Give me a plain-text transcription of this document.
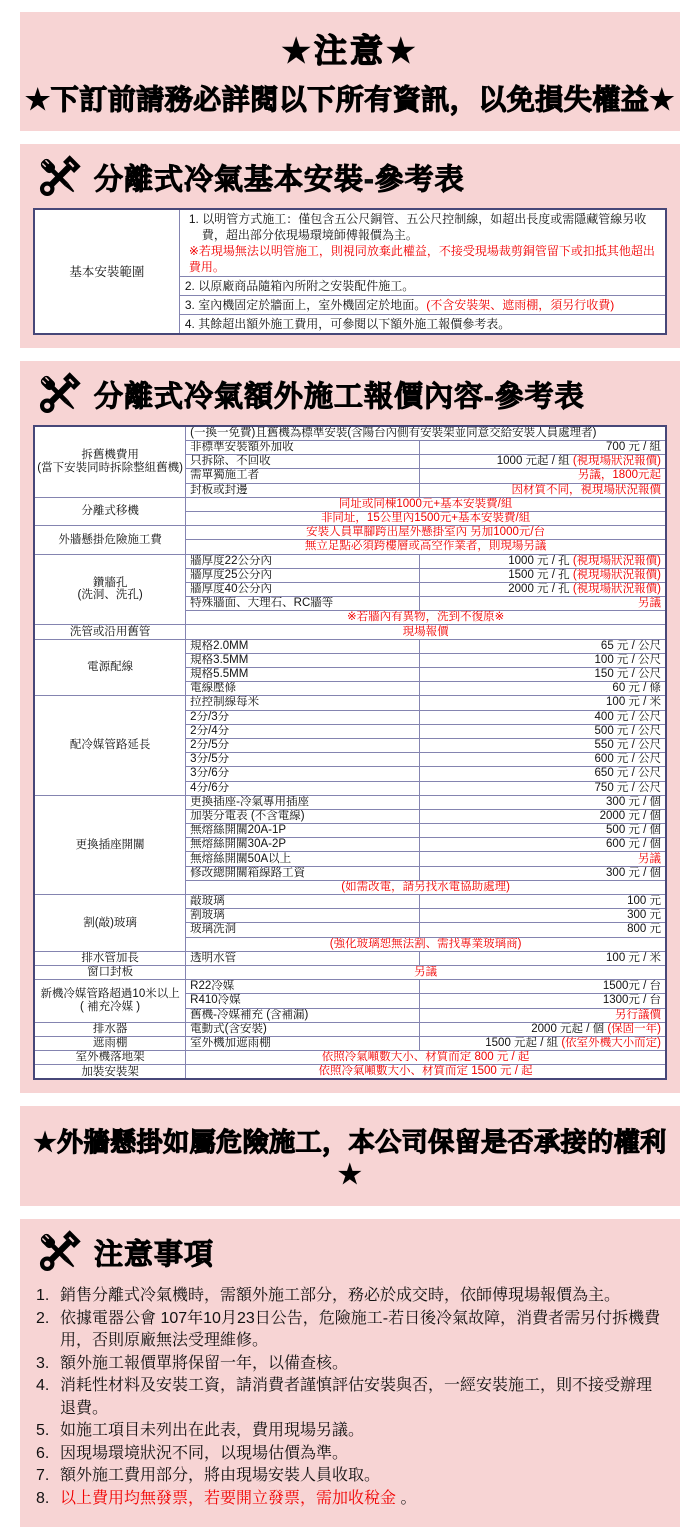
★注意★
★下訂前請務必詳閱以下所有資訊，以免損失權益★
分離式冷氣基本安裝-參考表
基本安裝範圍	
1. 以明管方式施工：僅包含五公尺銅管、五公尺控制線，如超出長度或需隱藏管線另收費，超出部分依現場環境師傅報價為主。
※若現場無法以明管施工，則視同放棄此權益，不接受現場裁剪銅管留下或扣抵其他超出費用。

2. 以原廠商品隨箱內所附之安裝配件施工。
3. 室內機固定於牆面上，室外機固定於地面。(不含安裝架、遮雨棚，須另行收費)
4. 其餘超出額外施工費用，可參閱以下額外施工報價參考表。
分離式冷氣額外施工報價內容-參考表
拆舊機費用
(當下安裝同時拆除整組舊機)	(一換一免費)且舊機為標準安裝(含陽台內側有安裝架並同意交給安裝人員處理者)	
	非標準安裝額外加收	700 元 / 組
	只拆除、不回收	1000 元起 / 組 (視現場狀況報價)
	需單獨施工者	另議，1800元起
	封板或封邊	因材質不同，視現場狀況報價
分離式移機	同址或同棟1000元+基本安裝費/組	
	非同址，15公里內1500元+基本安裝費/組	
外牆懸掛危險施工費	安裝人員單腳跨出屋外懸掛室內 另加1000元/台	
	無立足點必須跨樓層或高空作業者，則現場另議	

鑽牆孔
(洗洞、洗孔)	牆厚度22公分內	1000 元 / 孔 (視現場狀況報價)
	牆厚度25公分內	1500 元 / 孔 (視現場狀況報價)
	牆厚度40公分內	2000 元 / 孔 (視現場狀況報價)
	特殊牆面、大理石、RC牆等	另議
	※若牆內有異物，洗到不復原※	
洗管或沿用舊管	現場報價	
電源配線	規格2.0MM	65 元 / 公尺
	規格3.5MM	100 元 / 公尺
	規格5.5MM	150 元 / 公尺
	電線壓條	60 元 / 條
配冷媒管路延長	拉控制線每米	100 元 / 米
	2分/3分	400 元 / 公尺
	2分/4分	500 元 / 公尺
	2分/5分	550 元 / 公尺
	3分/5分	600 元 / 公尺
	3分/6分	650 元 / 公尺
	4分/6分	750 元 / 公尺
更換插座開關	更換插座-冷氣專用插座	300 元 / 個
	加裝分電表 (不含電線)	2000 元 / 個
	無熔絲開關20A-1P	500 元 / 個
	無熔絲開關30A-2P	600 元 / 個
	無熔絲開關50A以上	另議
	修改總開關箱線路工資	300 元 / 個
	(如需改電，請另找水電協助處理)	
割(敲)玻璃	敲玻璃	100 元
	割玻璃	300 元
	玻璃洗洞	800 元
	(強化玻璃恕無法割、需找專業玻璃商)	
排水管加長	透明水管	100 元 / 米
窗口封板	另議	

新機冷媒管路超過10米以上
( 補充冷媒 )	R22冷媒	1500元 / 台
	R410冷媒	1300元 / 台
	舊機-冷媒補充 (含補漏)	另行議價
排水器	電動式(含安裝)	2000 元起 / 個 (保固一年)
遮雨棚	室外機加遮雨棚	1500 元起 / 組 (依室外機大小而定)
室外機落地架	依照冷氣噸數大小、材質而定 800 元 / 起	
加裝安裝架	依照冷氣噸數大小、材質而定 1500 元 / 起	
★外牆懸掛如屬危險施工，本公司保留是否承接的權利★
注意事項
1. 銷售分離式冷氣機時，需額外施工部分，務必於成交時，依師傅現場報價為主。
2. 依據電器公會 107年10月23日公告，危險施工-若日後冷氣故障，消費者需另付拆機費用，否則原廠無法受理維修。
3. 額外施工報價單將保留一年，以備查核。
4. 消耗性材料及安裝工資，請消費者謹慎評估安裝與否，一經安裝施工，則不接受辦理退費。
5. 如施工項目未列出在此表，費用現場另議。
6. 因現場環境狀況不同，以現場估價為準。
7. 額外施工費用部分，將由現場安裝人員收取。
8. 以上費用均無發票，若要開立發票，需加收稅金 。
